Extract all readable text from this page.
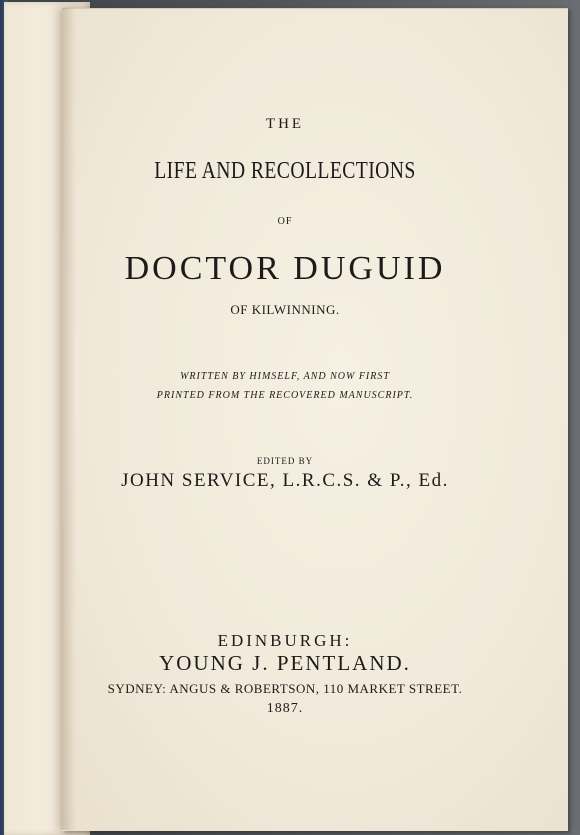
THE

LIFE AND RECOLLECTIONS

OF

DOCTOR DUGUID

OF KILWINNING.

WRITTEN BY HIMSELF, AND NOW FIRST

PRINTED FROM THE RECOVERED MANUSCRIPT.

EDITED BY

JOHN SERVICE, L.R.C.S. & P., Ed.

EDINBURGH:

YOUNG J. PENTLAND.

SYDNEY: ANGUS & ROBERTSON, 110 MARKET STREET.

1887.
